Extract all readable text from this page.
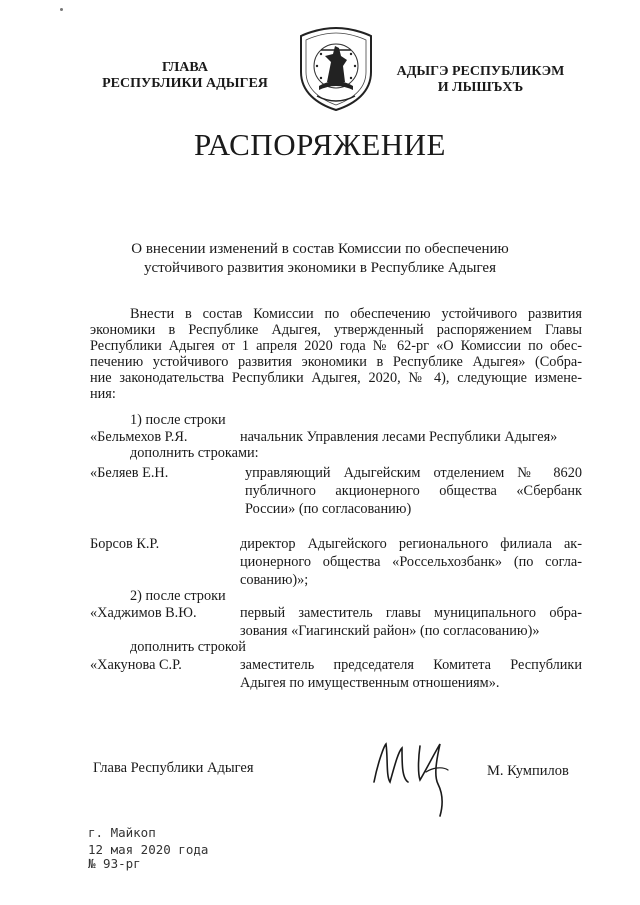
ГЛАВА
РЕСПУБЛИКИ АДЫГЕЯ
АДЫГЭ РЕСПУБЛИКЭМ
И ЛЫШЪХЪ
РАСПОРЯЖЕНИЕ
О внесении изменений в состав Комиссии по обеспечению
устойчивого развития экономики в Республике Адыгея
Внести в состав Комиссии по обеспечению устойчивого развития
экономики в Республике Адыгея, утвержденный распоряжением Главы
Республики Адыгея от 1 апреля 2020 года № 62-рг «О Комиссии по обес-
печению устойчивого развития экономики в Республике Адыгея» (Собра-
ние законодательства Республики Адыгея, 2020, № 4), следующие измене-
ния:
1) после строки
«Бельмехов Р.Я.	начальник Управления лесами Республики Адыгея»
дополнить строками:
«Беляев Е.Н.	управляющий Адыгейским отделением № 8620
публичного акционерного общества «Сбербанк
России» (по согласованию)
Борсов К.Р.	директор Адыгейского регионального филиала ак-
ционерного общества «Россельхозбанк» (по согла-
сованию)»;
2) после строки
«Хаджимов В.Ю.	первый заместитель главы муниципального обра-
зования «Гиагинский район» (по согласованию)»
дополнить строкой
«Хакунова С.Р.	заместитель председателя Комитета Республики
Адыгея по имущественным отношениям».
Глава Республики Адыгея	М. Кумпилов
г. Майкоп
12 мая 2020 года
№ 93-рг
